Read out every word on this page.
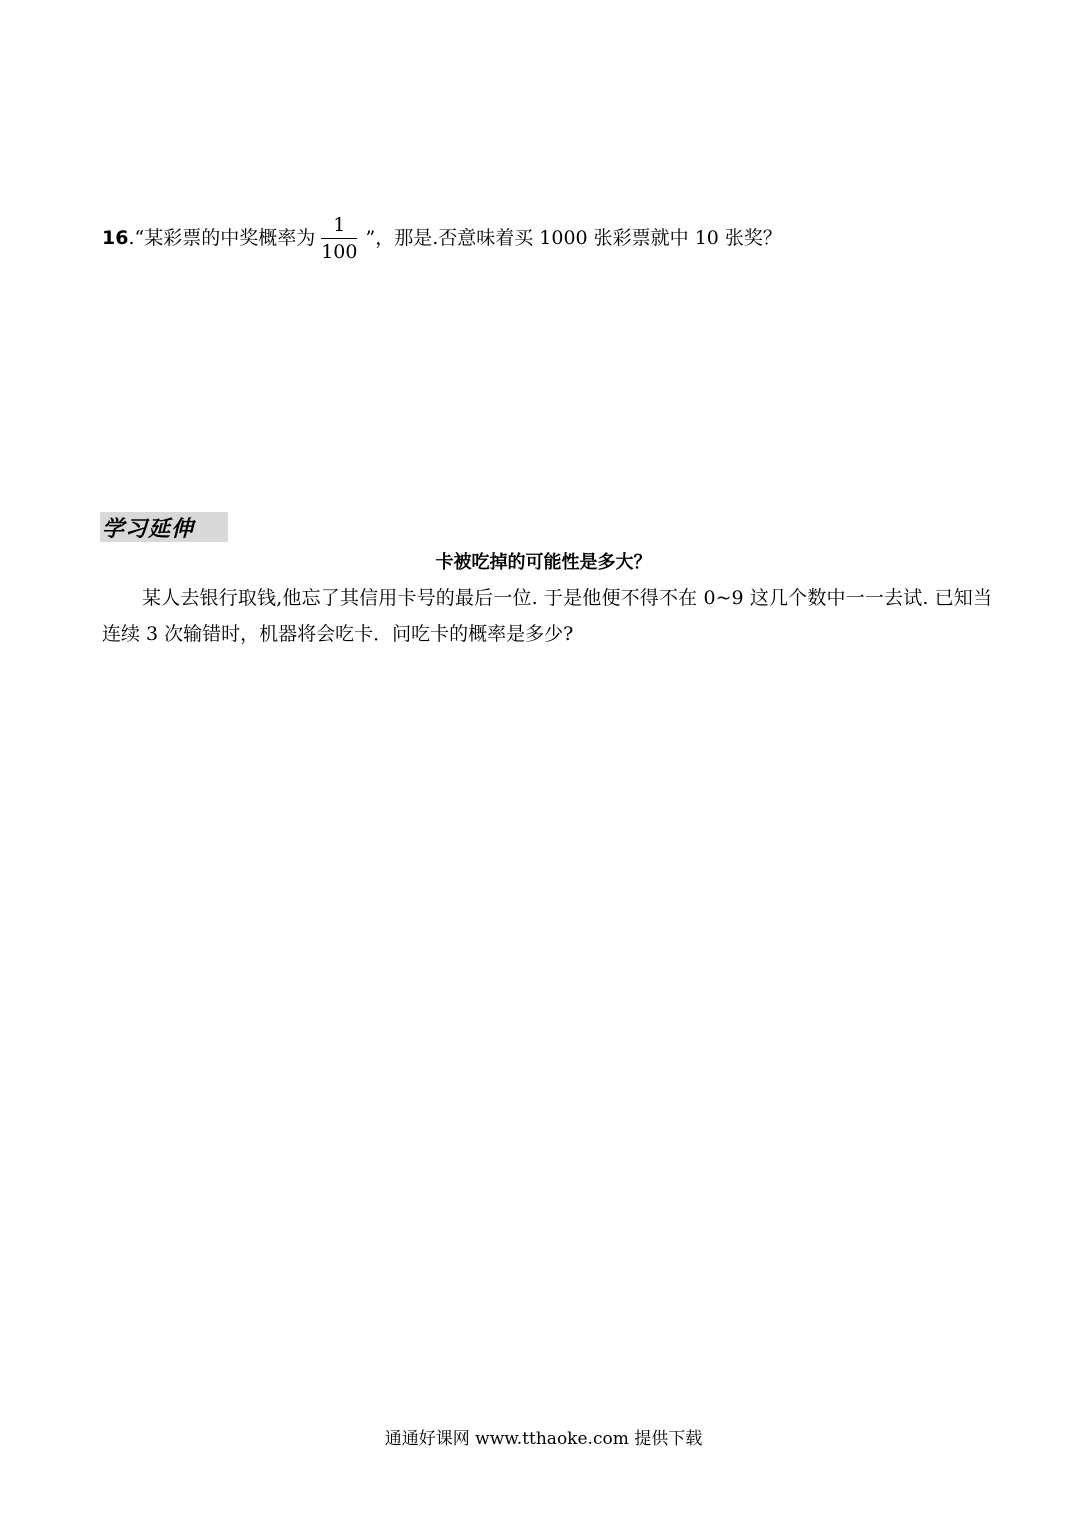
16 .“某彩票的中奖概率为 $\frac{1}{100}$ ”，那是.否意味着买 1000 张彩票就中 10 张奖？
学习延伸
卡被吃掉的可能性是多大？
某人去银行取钱,他忘了其信用卡号的最后一位. 于是他便不得不在 0~9 这几个数中一一去试. 已知当连续 3 次输错时，机器将会吃卡．问吃卡的概率是多少?
通通好课网 www.tthaoke.com 提供下载
